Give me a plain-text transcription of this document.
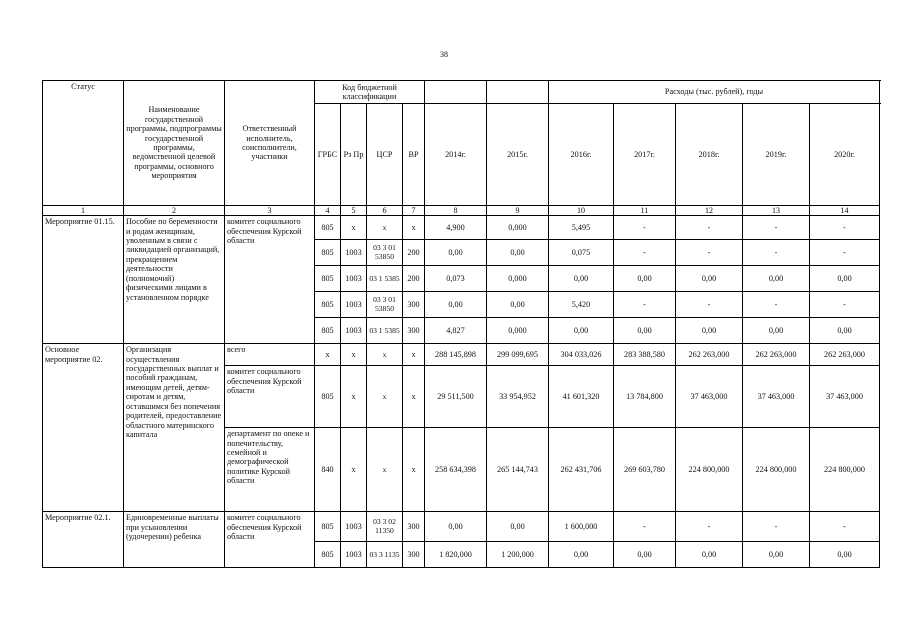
38
Статус	Наименование государственной программы, подпрограммы государственной программы, ведомственной целевой программы, основного мероприятия	Ответственный исполнитель, соисполнители, участники	Код бюджетной классификации						Расходы (тыс. рублей), годы				
			ГРБС	Рз Пр	ЦСР	ВР	2014г.	2015г.	2016г.	2017г.	2018г.	2019г.	2020г.
1	2	3	4	5	6	7	8	9	10	11	12	13	14
Мероприятие 01.15.	Пособие по беременности и родам женщинам, уволенным в связи с ликвидацией организаций, прекращением деятельности (полномочий) физическими лицами в установленном порядке	комитет социального обеспечения Курской области	805	x	x	x	4,900	0,000	5,495	-	-	-	-
			805	1003	03 3 01 53850	200	0,00	0,00	0,075	-	-	-	-
			805	1003	03 1 5385	200	0,073	0,000	0,00	0,00	0,00	0,00	0,00
			805	1003	03 3 01 53850	300	0,00	0,00	5,420	-	-	-	-
			805	1003	03 1 5385	300	4,827	0,000	0,00	0,00	0,00	0,00	0,00
Основное мероприятие 02.	Организация осуществления государственных выплат и пособий гражданам, имеющим детей, детям-сиротам и детям, оставшимся без попечения родителей, предоставление областного материнского капитала	всего	x	x	x	x	288 145,898	299 099,695	304 033,026	283 388,580	262 263,000	262 263,000	262 263,000
		комитет социального обеспечения Курской области	805	x	x	x	29 511,500	33 954,952	41 601,320	13 784,800	37 463,000	37 463,000	37 463,000
		департамент по опеке и попечительству, семейной и демографической политике Курской области	840	x	x	x	258 634,398	265 144,743	262 431,706	269 603,780	224 800,000	224 800,000	224 800,000
Мероприятие 02.1.	Единовременные выплаты при усыновлении (удочерении) ребенка	комитет социального обеспечения Курской области	805	1003	03 3 02 11350	300	0,00	0,00	1 600,000	-	-	-	-
			805	1003	03 3 1135	300	1 820,000	1 200,000	0,00	0,00	0,00	0,00	0,00
